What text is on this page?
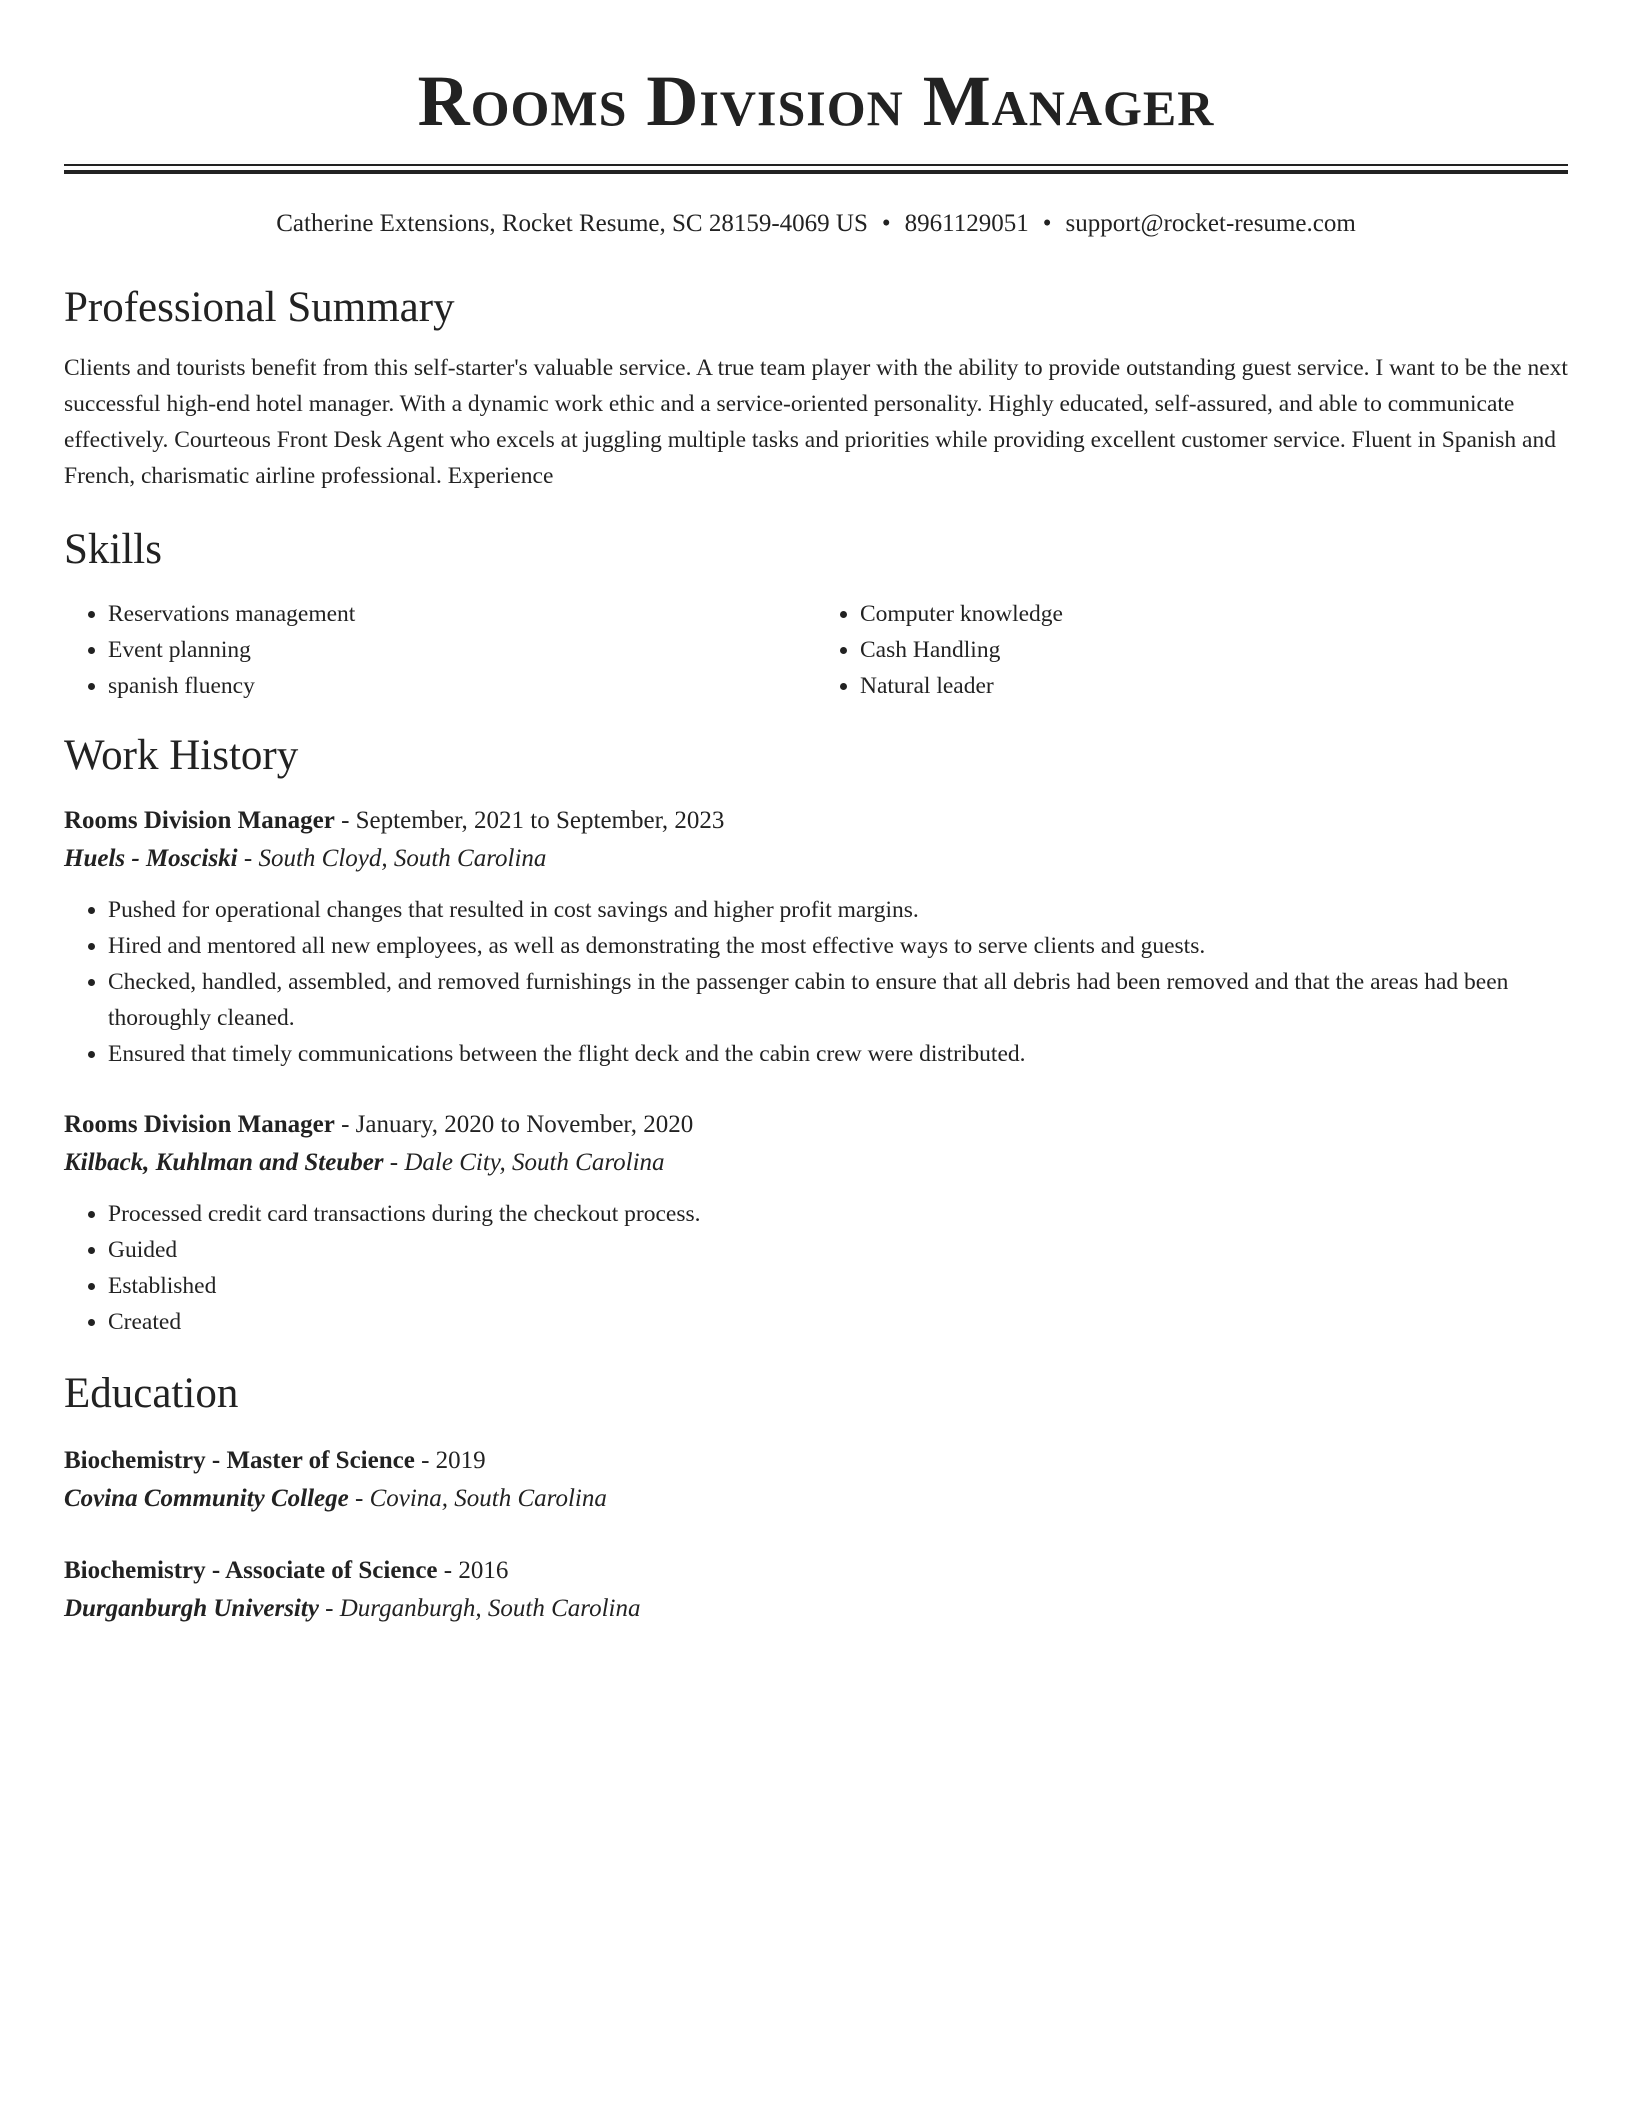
Rooms Division Manager
Catherine Extensions, Rocket Resume, SC 28159-4069 US • 8961129051 • support@rocket-resume.com
Professional Summary

Clients and tourists benefit from this self-starter's valuable service. A true team player with the ability to provide outstanding guest service. I want to be the next successful high-end hotel manager. With a dynamic work ethic and a service-oriented personality. Highly educated, self-assured, and able to communicate effectively. Courteous Front Desk Agent who excels at juggling multiple tasks and priorities while providing excellent customer service. Fluent in Spanish and French, charismatic airline professional. Experience

Skills
• Reservations management
• Event planning
• spanish fluency
• Computer knowledge
• Cash Handling
• Natural leader
Work History
Rooms Division Manager - September, 2021 to September, 2023
Huels - Mosciski - South Cloyd, South Carolina
• Pushed for operational changes that resulted in cost savings and higher profit margins.
• Hired and mentored all new employees, as well as demonstrating the most effective ways to serve clients and guests.
• Checked, handled, assembled, and removed furnishings in the passenger cabin to ensure that all debris had been removed and that the areas had been thoroughly cleaned.
• Ensured that timely communications between the flight deck and the cabin crew were distributed.
Rooms Division Manager - January, 2020 to November, 2020
Kilback, Kuhlman and Steuber - Dale City, South Carolina
• Processed credit card transactions during the checkout process.
• Guided
• Established
• Created
Education
Biochemistry - Master of Science - 2019
Covina Community College - Covina, South Carolina
Biochemistry - Associate of Science - 2016
Durganburgh University - Durganburgh, South Carolina
